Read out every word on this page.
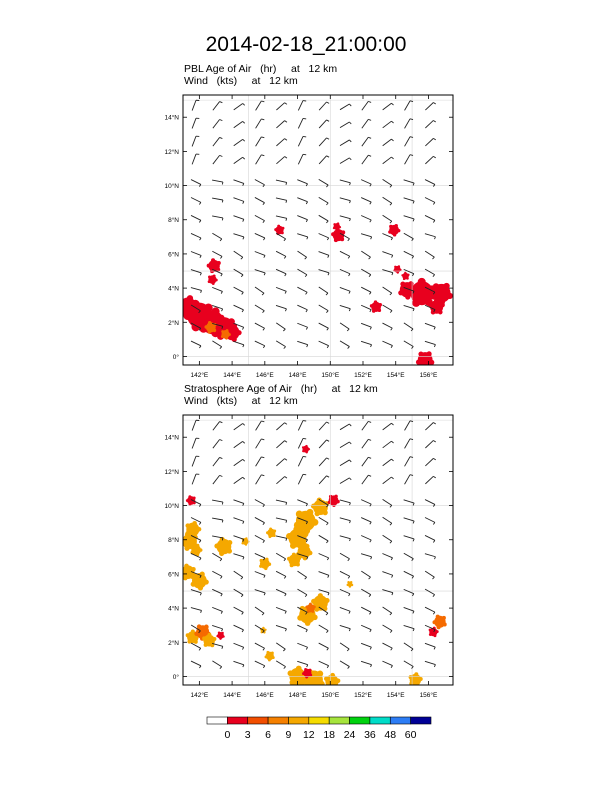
2014-02-18_21:00:00
PBL Age of Air   (hr)     at   12 km
Wind   (kts)     at   12 km
Stratosphere Age of Air   (hr)     at   12 km
Wind   (kts)     at   12 km
142°E 144°E 146°E 148°E 150°E 152°E 154°E 156°E
0°
2°N
4°N
6°N
8°N
10°N
12°N
14°N
142°E 144°E 146°E 148°E 150°E 152°E 154°E 156°E
0°
2°N
4°N
6°N
8°N
10°N
12°N
14°N
0 3 6 9 12 18 24 36 48 60
